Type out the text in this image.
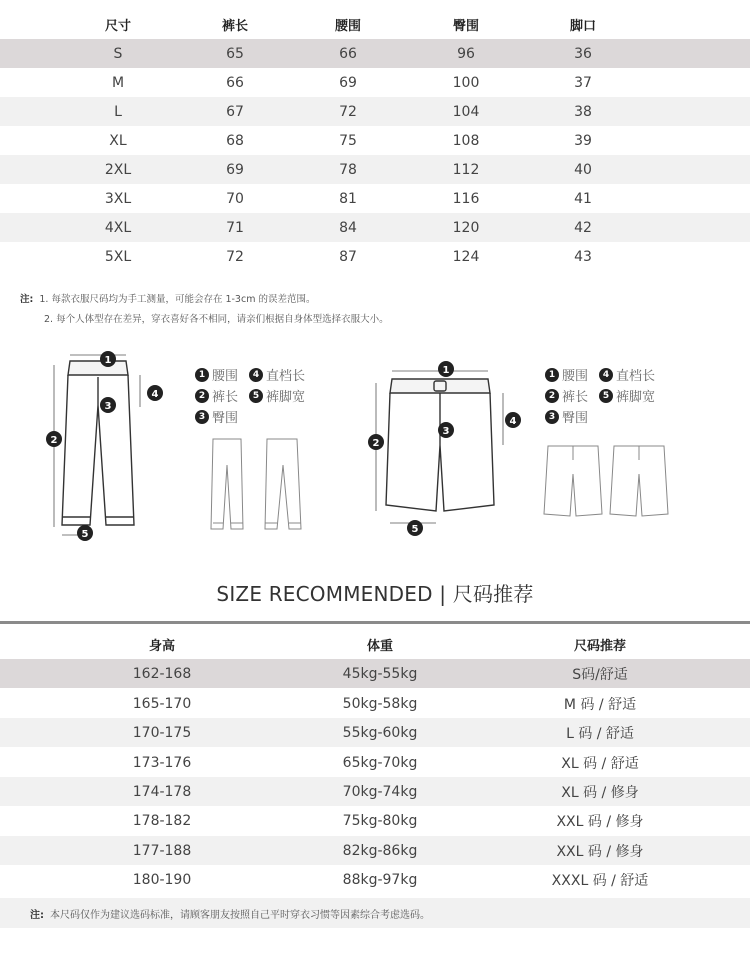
尺寸	裤长	腰围	臀围	脚口
S	65	66	96	36
M	66	69	100	37
L	67	72	104	38
XL	68	75	108	39
2XL	69	78	112	40
3XL	70	81	116	41
4XL	71	84	120	42
5XL	72	87	124	43
注: 1. 每款衣服尺码均为手工测量，可能会存在 1-3cm 的误差范围。
2. 每个人体型存在差异，穿衣喜好各不相同，请亲们根据自身体型选择衣服大小。
1
2
3
4
5
1 腰围	4 直档长
2 裤长	5 裤脚宽
3 臀围
1
2
3
4
5
1 腰围	4 直档长
2 裤长	5 裤脚宽
3 臀围
SIZE RECOMMENDED | 尺码推荐
身高	体重	尺码推荐
162-168	45kg-55kg	S码/舒适
165-170	50kg-58kg	M 码 / 舒适
170-175	55kg-60kg	L 码 / 舒适
173-176	65kg-70kg	XL 码 / 舒适
174-178	70kg-74kg	XL 码 / 修身
178-182	75kg-80kg	XXL 码 / 修身
177-188	82kg-86kg	XXL 码 / 修身
180-190	88kg-97kg	XXXL 码 / 舒适
注: 本尺码仅作为建议选码标准，请顾客朋友按照自己平时穿衣习惯等因素综合考虑选码。
